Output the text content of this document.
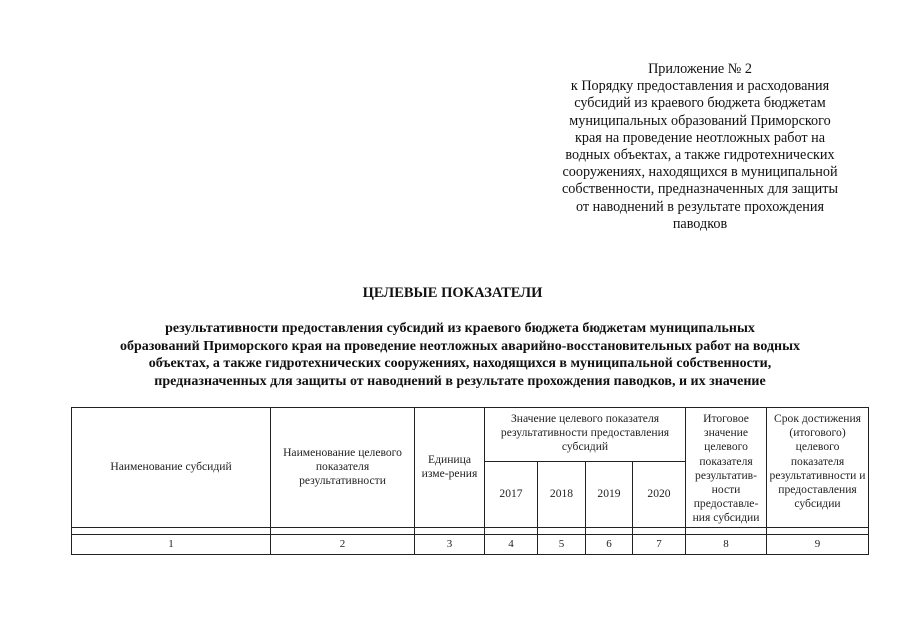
Приложение № 2
к Порядку предоставления и расходования
субсидий из краевого бюджета бюджетам
муниципальных образований Приморского
края на проведение неотложных работ на
водных объектах, а также гидротехнических
сооружениях, находящихся в муниципальной
собственности, предназначенных для защиты
от наводнений в результате прохождения
паводков
ЦЕЛЕВЫЕ ПОКАЗАТЕЛИ
результативности предоставления субсидий из краевого бюджета бюджетам муниципальных
образований Приморского края на проведение неотложных аварийно-восстановительных работ на водных
объектах, а также гидротехнических сооружениях, находящихся в муниципальной собственности,
предназначенных для защиты от наводнений в результате прохождения паводков, и их значение
Наименование субсидий	Наименование целевого показателя результативности	Единица изме-рения	Значение целевого показателя результативности предоставления субсидий				Итоговое значение целевого показателя результатив-ности предоставле-ния субсидии	Срок достижения (итогового) целевого показателя результативности и предоставления субсидии
			2017	2018	2019	2020		

1	2	3	4	5	6	7	8	9
